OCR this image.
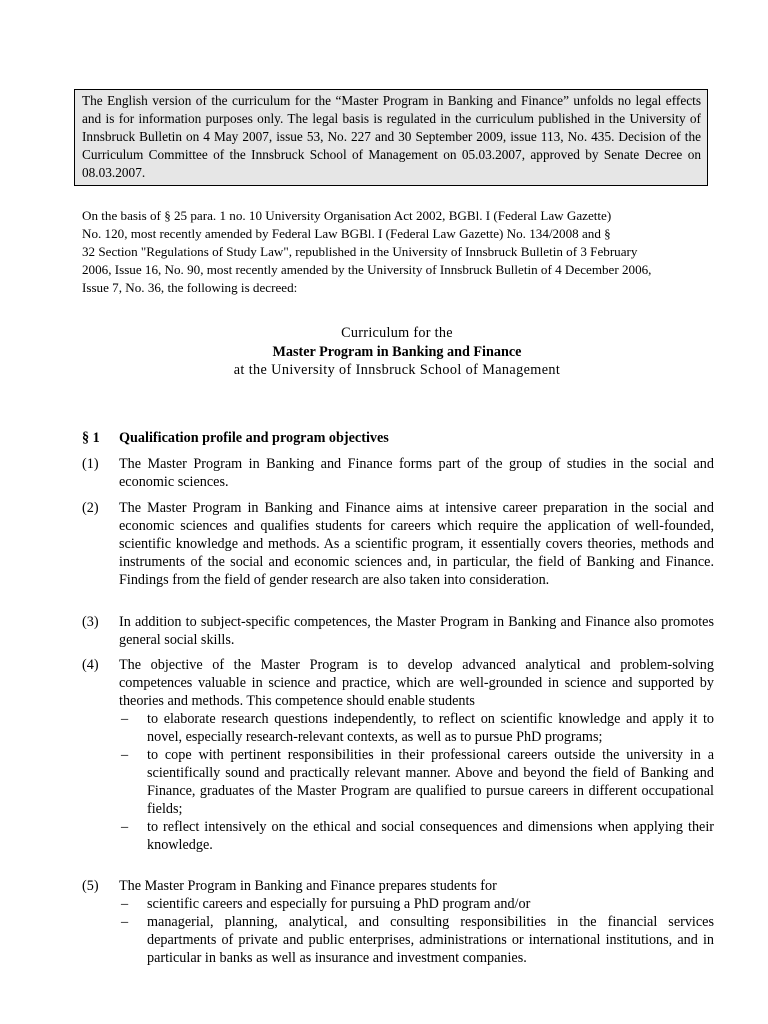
The English version of the curriculum for the “Master Program in Banking and Finance” unfolds no legal effects and is for information purposes only. The legal basis is regulated in the curriculum published in the University of Innsbruck Bulletin on 4 May 2007, issue 53, No. 227 and 30 September 2009, issue 113, No. 435. Decision of the Curriculum Committee of the Innsbruck School of Management on 05.03.2007, approved by Senate Decree on 08.03.2007.
On the basis of § 25 para. 1 no. 10 University Organisation Act 2002, BGBl. I (Federal Law Gazette)
No. 120, most recently amended by Federal Law BGBl. I (Federal Law Gazette) No. 134/2008 and §
32 Section "Regulations of Study Law", republished in the University of Innsbruck Bulletin of 3 February
2006, Issue 16, No. 90, most recently amended by the University of Innsbruck Bulletin of 4 December 2006,
Issue 7, No. 36, the following is decreed:
Curriculum for the
Master Program in Banking and Finance
at the University of Innsbruck School of Management
§ 1	Qualification profile and program objectives
(1) The Master Program in Banking and Finance forms part of the group of studies in the social and economic sciences.
(2) The Master Program in Banking and Finance aims at intensive career preparation in the social and economic sciences and qualifies students for careers which require the application of well-founded, scientific knowledge and methods. As a scientific program, it essentially covers theories, methods and instruments of the social and economic sciences and, in particular, the field of Banking and Finance. Findings from the field of gender research are also taken into consideration.
(3) In addition to subject-specific competences, the Master Program in Banking and Finance also promotes general social skills.
(4) The objective of the Master Program is to develop advanced analytical and problem-solving competences valuable in science and practice, which are well-grounded in science and supported by theories and methods. This competence should enable students
– to elaborate research questions independently, to reflect on scientific knowledge and apply it to novel, especially research-relevant contexts, as well as to pursue PhD programs;
– to cope with pertinent responsibilities in their professional careers outside the university in a scientifically sound and practically relevant manner. Above and beyond the field of Banking and Finance, graduates of the Master Program are qualified to pursue careers in different occupational fields;
– to reflect intensively on the ethical and social consequences and dimensions when applying their knowledge.
(5) The Master Program in Banking and Finance prepares students for
– scientific careers and especially for pursuing a PhD program and/or
– managerial, planning, analytical, and consulting responsibilities in the financial services departments of private and public enterprises, administrations or international institutions, and in particular in banks as well as insurance and investment companies.
